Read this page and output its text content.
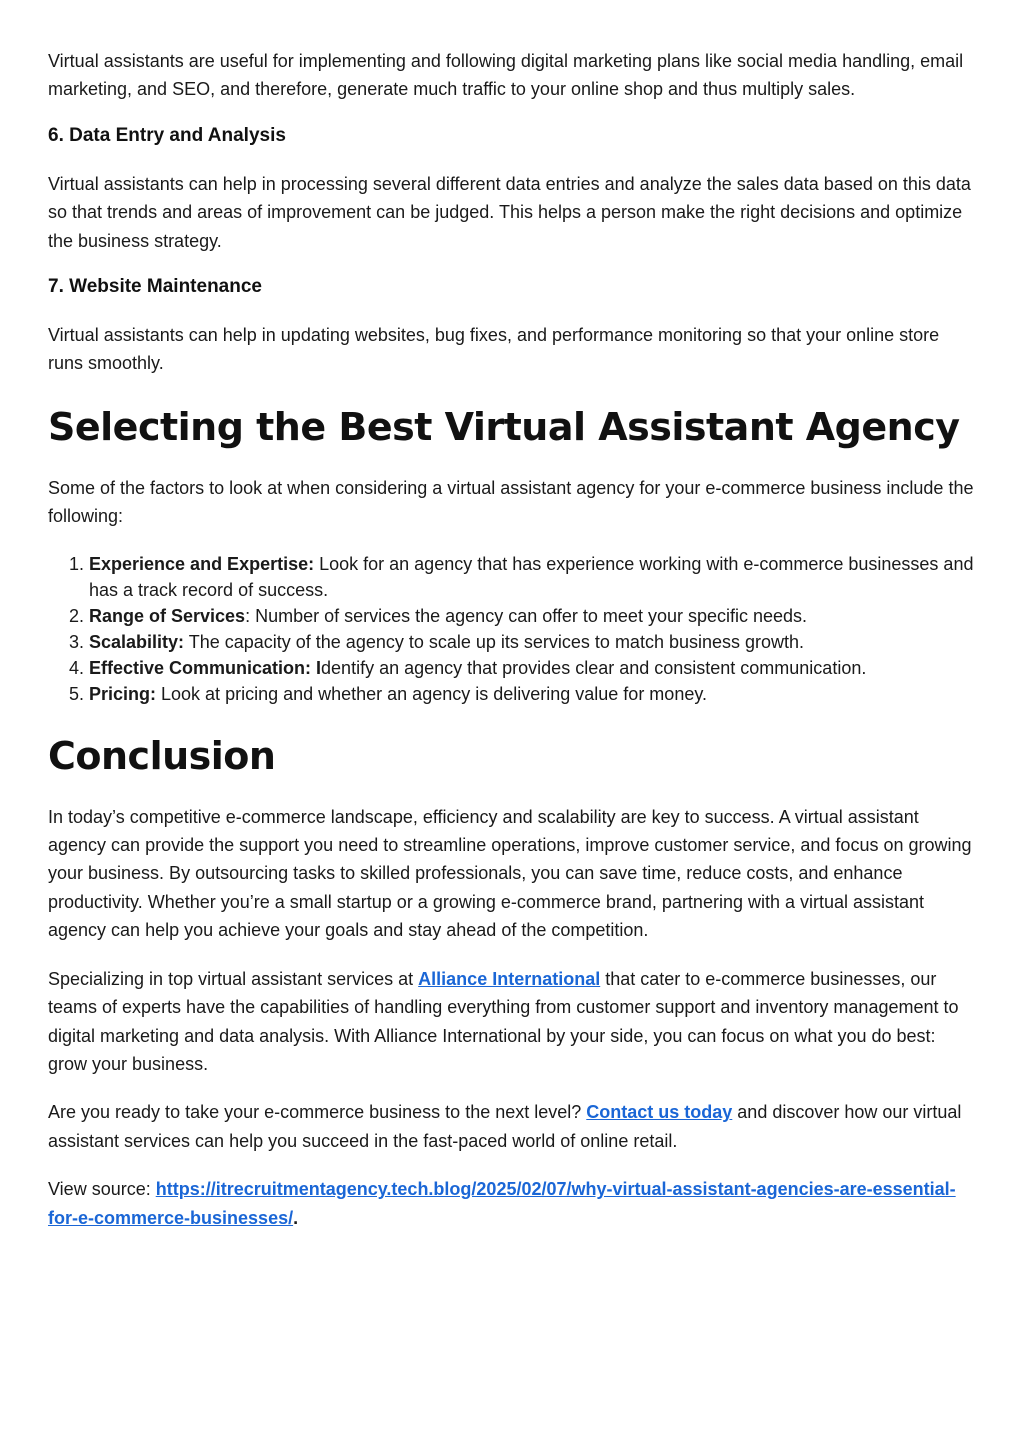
Virtual assistants are useful for implementing and following digital marketing plans like social media handling, email marketing, and SEO, and therefore, generate much traffic to your online shop and thus multiply sales.

6. Data Entry and Analysis

Virtual assistants can help in processing several different data entries and analyze the sales data based on this data so that trends and areas of improvement can be judged. This helps a person make the right decisions and optimize the business strategy.

7. Website Maintenance

Virtual assistants can help in updating websites, bug fixes, and performance monitoring so that your online store runs smoothly.

Selecting the Best Virtual Assistant Agency

Some of the factors to look at when considering a virtual assistant agency for your e-commerce business include the following:

1. Experience and Expertise: Look for an agency that has experience working with e-commerce businesses and has a track record of success.
2. Range of Services: Number of services the agency can offer to meet your specific needs.
3. Scalability: The capacity of the agency to scale up its services to match business growth.
4. Effective Communication: Identify an agency that provides clear and consistent communication.
5. Pricing: Look at pricing and whether an agency is delivering value for money.
Conclusion

In today’s competitive e-commerce landscape, efficiency and scalability are key to success. A virtual assistant agency can provide the support you need to streamline operations, improve customer service, and focus on growing your business. By outsourcing tasks to skilled professionals, you can save time, reduce costs, and enhance productivity. Whether you’re a small startup or a growing e-commerce brand, partnering with a virtual assistant agency can help you achieve your goals and stay ahead of the competition.

Specializing in top virtual assistant services at Alliance International that cater to e-commerce businesses, our teams of experts have the capabilities of handling everything from customer support and inventory management to digital marketing and data analysis. With Alliance International by your side, you can focus on what you do best: grow your business.

Are you ready to take your e-commerce business to the next level? Contact us today and discover how our virtual assistant services can help you succeed in the fast-paced world of online retail.

View source: https://itrecruitmentagency.tech.blog/2025/02/07/why-virtual-assistant-agencies-are-essential-for-e-commerce-businesses/.
